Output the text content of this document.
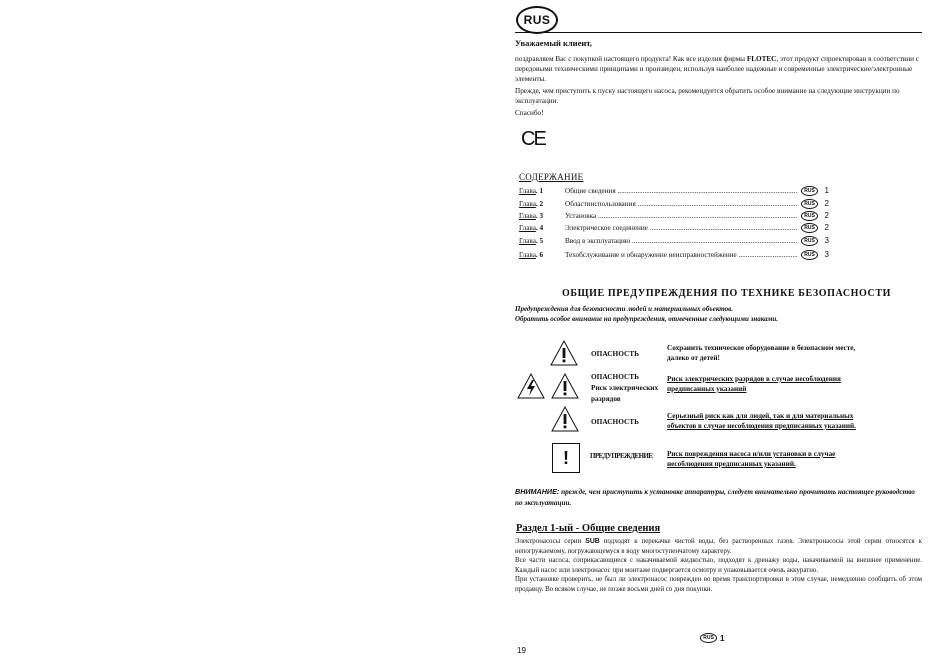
RUS
Уважаемый клиент,

поздравляем Вас с покупкой настоящего продукта! Как все изделия фирмы FLOTEC, этот продукт спроектирован в соответствии с передовыми техническими принципами и произведен, используя наиболее надежные и современные электрические/электронные элементы.

Прежде, чем приступить к пуску настоящего насоса, рекомендуется обратить особое внимание на следующие инструкции по эксплуатации.

Спасибо!

CE
СОДЕРЖАНИЕ
Глава. 1	Общие сведения .....	RUS	1
Глава. 2	Областииспользования .....	RUS	2
Глава. 3	Установка .....	RUS	2
Глава. 4	Электрическое соединение .....	RUS	2
Глава. 5	Ввод в эксплуатацию .....	RUS	3
Глава. 6	Техобслуживание и обнаружение неисправностейжение .....	RUS	3
ОБЩИЕ ПРЕДУПРЕЖДЕНИЯ ПО ТЕХНИКЕ БЕЗОПАСНОСТИ
Предупреждения для безопасности людей и материальных объектов.
Обратить особое внимание на предупреждения, отмеченные следующими знаками.
ОПАСНОСТЬ
Сохранить техническое оборудование в безопасном месте, далеко от детей!
ОПАСНОСТЬ
Риск электрических разрядов
Риск электрических разрядов в случае несоблюдения предписанных указаний
ОПАСНОСТЬ
Серьезный риск как для людей, так и для материальных объектов в случае несоблюдения предписанных указаний.
!	ПРЕДУПРЕЖДЕНИЕ Риск повреждения насоса и/или установки в случае несоблюдения предписанных указаний.
ВНИМАНИЕ: прежде, чем приступить к установке аппаратуры, следует внимательно прочитать настоящее руководство по эксплуатации.
Раздел 1-ый - Общие сведения
Электронасосы серии SUB подходят к перекачке чистой воды, без растворенных газов. Электронасосы этой серии относятся к непогружаемому, погружающемуся в воду многоступенчатому характеру.
Все части насоса, соприкасающиеся с накачиваемой жидкостью, подходят к дренажу воды, накачиваемой на внешнее применение. Каждый насос или электронасос при монтаже подвергается осмотру и упаковывается очень аккуратно.
При установке проверить, не был ли электронасос поврежден во время транспортировки в этом случае, немедленно сообщить об этом продавцу. Во всяком случае, не позже восьми дней со дня покупки.
RUS 1
19
